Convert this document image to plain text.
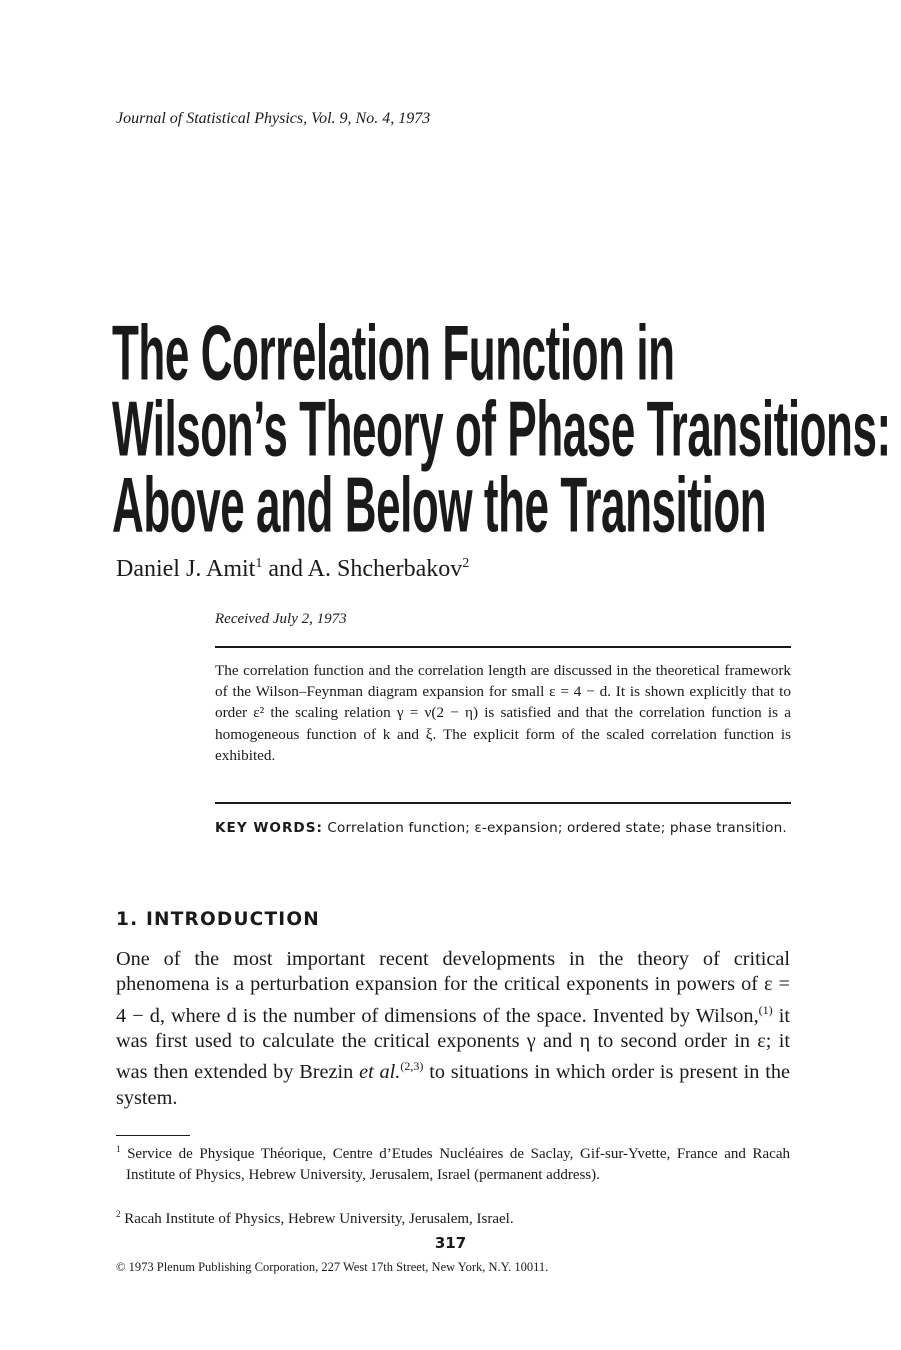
Journal of Statistical Physics, Vol. 9, No. 4, 1973
The Correlation Function in
Wilson’s Theory of Phase Transitions:
Above and Below the Transition
Daniel J. Amit$^1$ and A. Shcherbakov$^2$
Received July 2, 1973
The correlation function and the correlation length are discussed in the theoretical framework of the Wilson–Feynman diagram expansion for small ε = 4 − d. It is shown explicitly that to order ε² the scaling relation γ = ν(2 − η) is satisfied and that the correlation function is a homogeneous function of k and ξ. The explicit form of the scaled correlation function is exhibited.
KEY WORDS: Correlation function; ε-expansion; ordered state; phase transition.
1. INTRODUCTION
One of the most important recent developments in the theory of critical phenomena is a perturbation expansion for the critical exponents in powers of ε = 4 − d, where d is the number of dimensions of the space. Invented by Wilson,$^{(1)}$ it was first used to calculate the critical exponents γ and η to second order in ε; it was then extended by Brezin et al.$^{(2,3)}$ to situations in which order is present in the system.
$^1$ Service de Physique Théorique, Centre d’Etudes Nucléaires de Saclay, Gif-sur-Yvette, France and Racah Institute of Physics, Hebrew University, Jerusalem, Israel (permanent address).
$^2$ Racah Institute of Physics, Hebrew University, Jerusalem, Israel.
317
© 1973 Plenum Publishing Corporation, 227 West 17th Street, New York, N.Y. 10011.
